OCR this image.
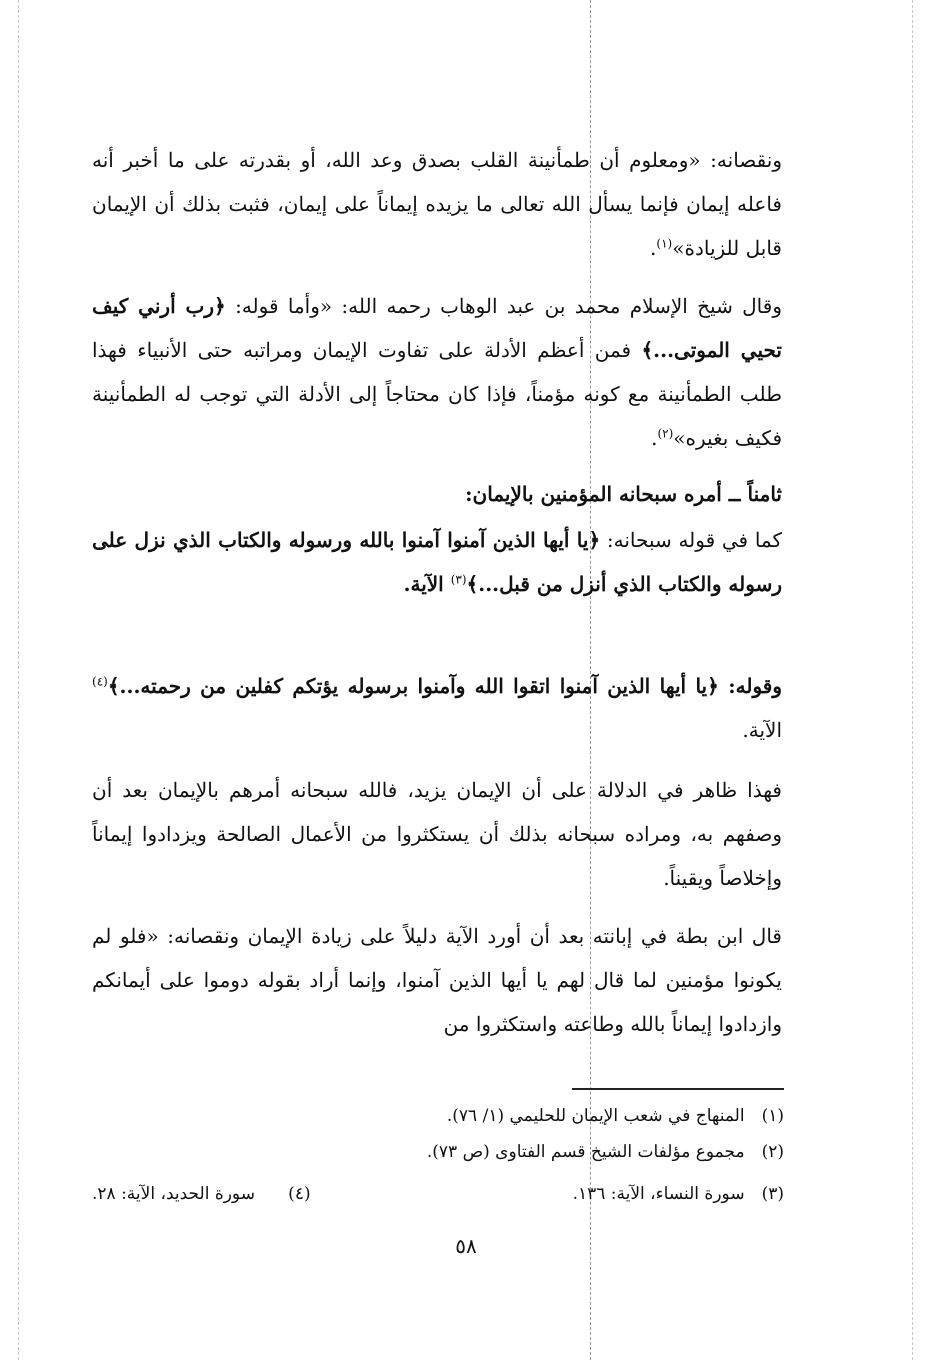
ونقصانه: «ومعلوم أن طمأنينة القلب بصدق وعد الله، أو بقدرته على ما أخبر أنه فاعله إيمان فإنما يسأل الله تعالى ما يزيده إيماناً على إيمان، فثبت بذلك أن الإيمان قابل للزيادة»$^{(١)}$.

وقال شيخ الإسلام محمد بن عبد الوهاب رحمه الله: «وأما قوله: ﴿رب أرني كيف تحيي الموتى...﴾ فمن أعظم الأدلة على تفاوت الإيمان ومراتبه حتى الأنبياء فهذا طلب الطمأنينة مع كونه مؤمناً، فإذا كان محتاجاً إلى الأدلة التي توجب له الطمأنينة فكيف بغيره»$^{(٢)}$.

ثامناً ــ أمره سبحانه المؤمنين بالإيمان:

كما في قوله سبحانه: ﴿يا أيها الذين آمنوا آمنوا بالله ورسوله والكتاب الذي نزل على رسوله والكتاب الذي أنزل من قبل...﴾$^{(٣)}$ الآية.

وقوله: ﴿يا أيها الذين آمنوا اتقوا الله وآمنوا برسوله يؤتكم كفلين من رحمته...﴾$^{(٤)}$ الآية.

فهذا ظاهر في الدلالة على أن الإيمان يزيد، فالله سبحانه أمرهم بالإيمان بعد أن وصفهم به، ومراده سبحانه بذلك أن يستكثروا من الأعمال الصالحة ويزدادوا إيماناً وإخلاصاً ويقيناً.

قال ابن بطة في إبانته بعد أن أورد الآية دليلاً على زيادة الإيمان ونقصانه: «فلو لم يكونوا مؤمنين لما قال لهم يا أيها الذين آمنوا، وإنما أراد بقوله دوموا على أيمانكم وازدادوا إيماناً بالله وطاعته واستكثروا من

(١) المنهاج في شعب الإيمان للحليمي (١/ ٧٦).

(٢) مجموع مؤلفات الشيخ قسم الفتاوى (ص ٧٣).

(٣) سورة النساء، الآية: ١٣٦.

(٤)    سورة الحديد، الآية: ٢٨.
٥٨
